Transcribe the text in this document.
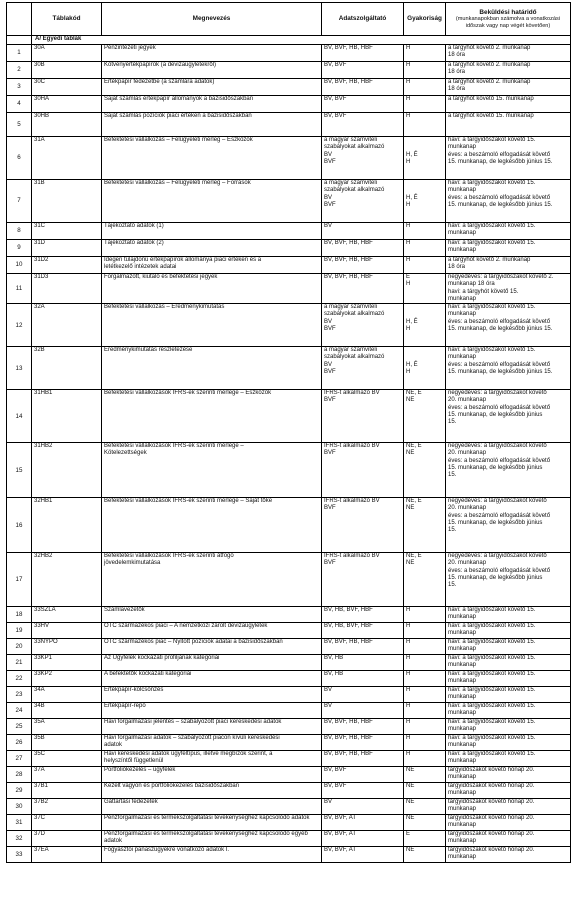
	Táblakód	Megnevezés	Adatszolgáltató	Gyakoriság	Beküldési határidő
(munkanapokban számolva a vonatkozási időszak vagy nap végét követően)

	A/ Egyedi táblák				
1	30A	Pénzintézeti jegyek	BV, BVF, HB, HBF	H	a tárgyhót követő 2. munkanap
18 óra

2	30B	Kötvényértékpapírok (a devizaügyletekről)	BV, BVF	H	a tárgyhót követő 2. munkanap
18 óra

3	30C	Értékpapír fedezetbe (a számlára adatok)	BV, BVF, HB, HBF	H	a tárgyhót követő 2. munkanap
18 óra

4	30HA	Saját számlás értékpapír állományok a bázisidőszakban	BV, BVF	H	a tárgyhót követő 15. munkanap

5	30HB	Saját számlás pozíciók piaci értéken a bázisidőszakban	BV, BVF	H	a tárgyhót követő 15. munkanap

6	31A	Befektetési vállalkozás – Felügyeleti mérleg – Eszközök	a magyar számviteli
szabályokat alkalmazó
BV
BVF	H, É
H	havi: a tárgyidőszakot követő 15.
munkanap
éves: a beszámoló elfogadását követő
15. munkanap, de legkésőbb június 15.

7	31B	Befektetési vállalkozás – Felügyeleti mérleg – Források	a magyar számviteli
szabályokat alkalmazó
BV
BVF	H, É
H	havi: a tárgyidőszakot követő 15.
munkanap
éves: a beszámoló elfogadását követő
15. munkanap, de legkésőbb június 15.

8	31C	Tájékoztató adatok (1)	BV	H	havi: a tárgyidőszakot követő 15.
munkanap

9	31D	Tájékoztató adatok (2)	BV, BVF, HB, HBF	H	havi: a tárgyidőszakot követő 15.
munkanap

10	31D2	Idegen tulajdonú értékpapírok állománya piaci értéken és a
letétkezelő intézetek adatai	BV, BVF, HB, HBF	H	a tárgyhót követő 2. munkanap
18 óra

11	31D3	Forgalmazott, kiutaló és befektetési jegyek	BV, BVF, HB, HBF	É
H	negyedéves: a tárgyidőszakot követő 2.
munkanap 18 óra
havi: a tárgyhót követő 15.
munkanap

12	32A	Befektetési vállalkozás – Eredménykimutatás	a magyar számviteli
szabályokat alkalmazó
BV
BVF	H, É
H	havi: a tárgyidőszakot követő 15.
munkanap
éves: a beszámoló elfogadását követő
15. munkanap, de legkésőbb június 15.

13	32B	Eredménykimutatás részletezése	a magyar számviteli
szabályokat alkalmazó
BV
BVF	H, É
H	havi: a tárgyidőszakot követő 15.
munkanap
éves: a beszámoló elfogadását követő
15. munkanap, de legkésőbb június 15.

14	31HB1	Befektetési vállalkozások IFRS-ek szerinti mérlege – Eszközök	IFRS-t alkalmazó BV
BVF	NE, É
NE	negyedéves: a tárgyidőszakot követő
20. munkanap
éves: a beszámoló elfogadását követő
15. munkanap, de legkésőbb június
15.

15	31HB2	Befektetési vállalkozások IFRS-ek szerinti mérlege –
Kötelezettségek	IFRS-t alkalmazó BV
BVF	NE, É
NE	negyedéves: a tárgyidőszakot követő
20. munkanap
éves: a beszámoló elfogadását követő
15. munkanap, de legkésőbb június
15.

16	32HB1	Befektetési vállalkozások IFRS-ek szerinti mérlege – Saját tőke	IFRS-t alkalmazó BV
BVF	NE, É
NE	negyedéves: a tárgyidőszakot követő
20. munkanap
éves: a beszámoló elfogadását követő
15. munkanap, de legkésőbb június
15.

17	32HB2	Befektetési vállalkozások IFRS-ek szerinti átfogó
jövedelemkimutatása	IFRS-t alkalmazó BV
BVF	NE, É
NE	negyedéves: a tárgyidőszakot követő
20. munkanap
éves: a beszámoló elfogadását követő
15. munkanap, de legkésőbb június
15.

18	33SZLA	Számlavezetők	BV, HB, BVF, HBF	H	havi: a tárgyidőszakot követő 15.
munkanap

19	33HV	OTC származékos piaci – A nemzetközi zárolt devizaügyletek	BV, HB, BVF, HBF	H	havi: a tárgyidőszakot követő 15.
munkanap

20	33NYPO	OTC származékos piac – Nyitott pozíciók adatai a bázisidőszakban	BV, BVF, HB, HBF	H	havi: a tárgyidőszakot követő 15.
munkanap

21	33KP1	Az Ügyfelek kockázati profiljának kategóriái	BV, HB	H	havi: a tárgyidőszakot követő 15.
munkanap

22	33KP2	A befektetők kockázati kategóriái	BV, HB	H	havi: a tárgyidőszakot követő 15.
munkanap

23	34A	Értékpapír-kölcsönzés	BV	H	havi: a tárgyidőszakot követő 15.
munkanap

24	34B	Értékpapír-repó	BV	H	havi: a tárgyidőszakot követő 15.
munkanap

25	35A	Havi forgalmazási jelentés – szabályozott piaci kereskedési adatok	BV, BVF, HB, HBF	H	havi: a tárgyidőszakot követő 15.
munkanap

26	35B	Havi forgalmazási adatok – szabályozott piacon kívüli kereskedési
adatok	BV, BVF, HB, HBF	H	havi: a tárgyidőszakot követő 15.
munkanap

27	35C	Havi kereskedési adatok ügyféltípus, illetve megbízók szerint, a
helyszíntől függetlenül	BV, BVF, HB, HBF	H	havi: a tárgyidőszakot követő 15.
munkanap

28	37A	Portfóliókezelés – ügyfelek	BV, BVF	NE	tárgyidőszakot követő hónap 20.
munkanap

29	37B1	Kezelt vagyon és portfóliókezelés bázisidőszakban	BV, BVF	NE	tárgyidőszakot követő hónap 20.
munkanap

30	37B2	Gáttartási fedezetek	BV	NE	tárgyidőszakot követő hónap 20.
munkanap

31	37C	Pénzforgalmazási és termékszolgáltatási tevékenységhez kapcsolódó adatok	BV, BVF, AT	NE	tárgyidőszakot követő hónap 20.
munkanap

32	37D	Pénzforgalmazási és termékszolgáltatási tevékenységhez kapcsolódó egyéb
adatok	BV, BVF, AT	É	tárgyidőszakot követő hónap 20.
munkanap

33	37EA	Fogyasztói panaszügyekre vonatkozó adatok I.	BV, BVF, AT	NE	tárgyidőszakot követő hónap 20.
munkanap
